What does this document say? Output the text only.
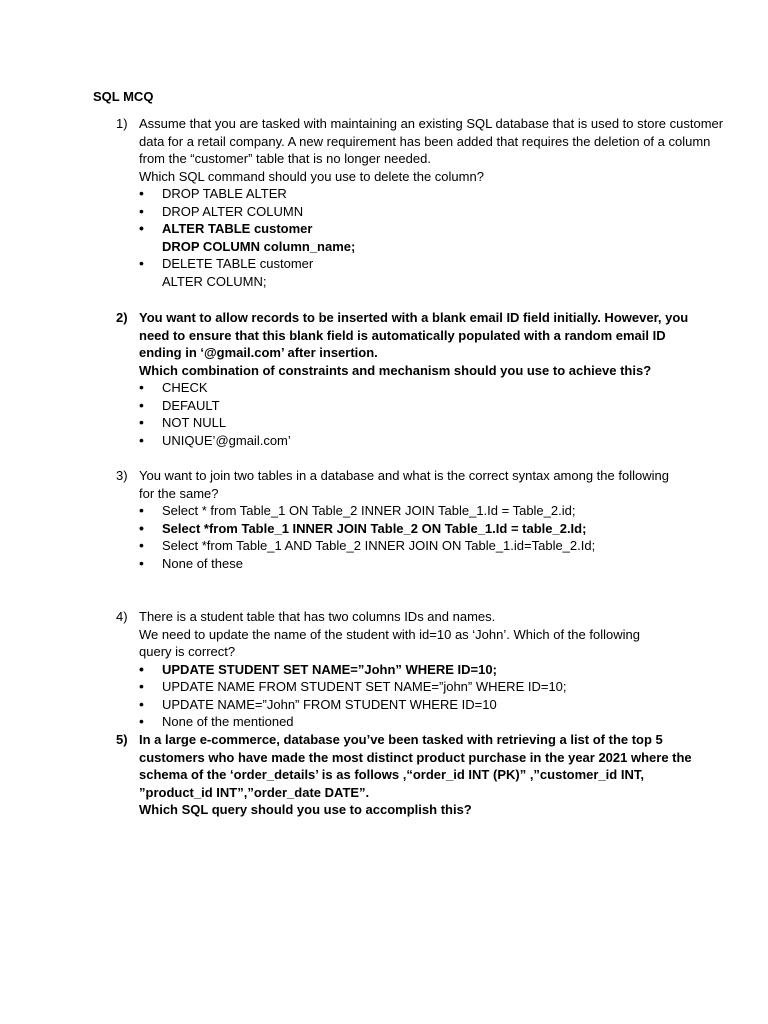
SQL MCQ

1) Assume that you are tasked with maintaining an existing SQL database that is used to store customer
data for a retail company. A new requirement has been added that requires the deletion of a column
from the “customer” table that is no longer needed.
Which SQL command should you use to delete the column?
• DROP TABLE ALTER
• DROP ALTER COLUMN
• ALTER TABLE customer
DROP COLUMN column_name;
• DELETE TABLE customer
ALTER COLUMN;
2) You want to allow records to be inserted with a blank email ID field initially. However, you
need to ensure that this blank field is automatically populated with a random email ID
ending in ‘@gmail.com’ after insertion.
Which combination of constraints and mechanism should you use to achieve this?
• CHECK
• DEFAULT
• NOT NULL
• UNIQUE’@gmail.com’
3) You want to join two tables in a database and what is the correct syntax among the following
for the same?
• Select * from Table_1 ON Table_2 INNER JOIN Table_1.Id = Table_2.id;
• Select *from Table_1 INNER JOIN Table_2 ON Table_1.Id = table_2.Id;
• Select *from Table_1 AND Table_2 INNER JOIN ON Table_1.id=Table_2.Id;
• None of these
4) There is a student table that has two columns IDs and names.
We need to update the name of the student with id=10 as ‘John’. Which of the following
query is correct?
• UPDATE STUDENT SET NAME=”John” WHERE ID=10;
• UPDATE NAME FROM STUDENT SET NAME=”john” WHERE ID=10;
• UPDATE NAME=”John” FROM STUDENT WHERE ID=10
• None of the mentioned
5) In a large e-commerce, database you’ve been tasked with retrieving a list of the top 5
customers who have made the most distinct product purchase in the year 2021 where the
schema of the ‘order_details’ is as follows ,“order_id INT (PK)” ,”customer_id INT,
”product_id INT”,”order_date DATE”.
Which SQL query should you use to accomplish this?
